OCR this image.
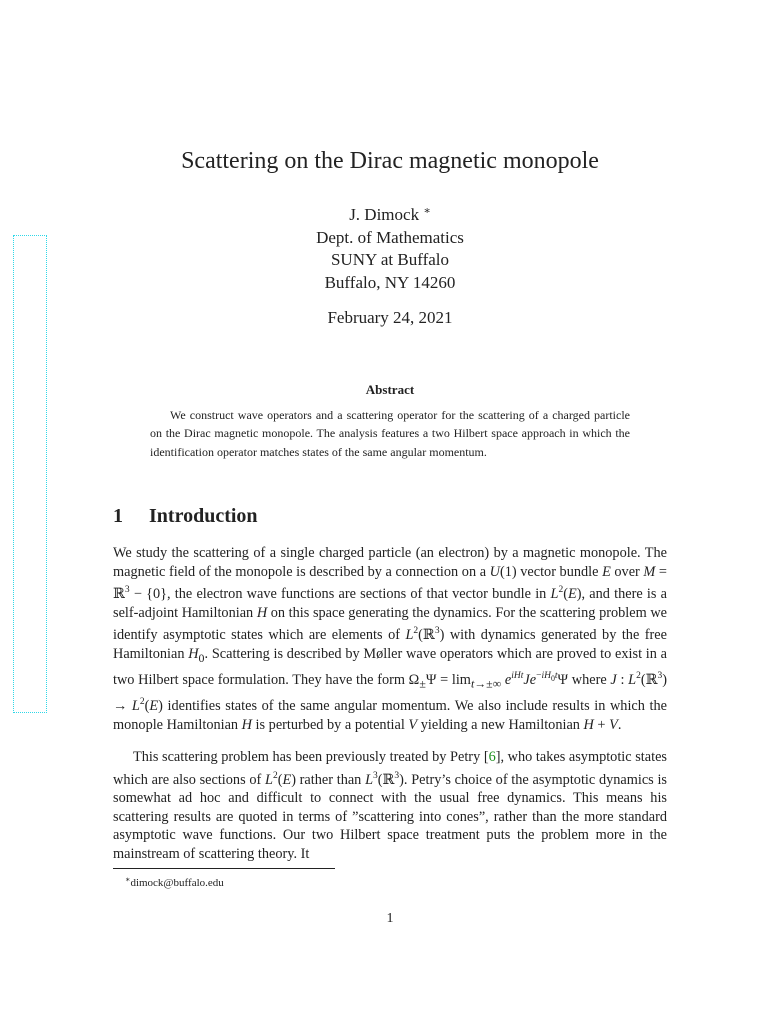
Scattering on the Dirac magnetic monopole
J. Dimock ∗
Dept. of Mathematics
SUNY at Buffalo
Buffalo, NY 14260
February 24, 2021
Abstract
We construct wave operators and a scattering operator for the scattering of a charged particle on the Dirac magnetic monopole. The analysis features a two Hilbert space approach in which the identification operator matches states of the same angular momentum.
1 Introduction
We study the scattering of a single charged particle (an electron) by a magnetic monopole. The magnetic field of the monopole is described by a connection on a U(1) vector bundle E over M = ℝ$^3$ − {0}, the electron wave functions are sections of that vector bundle in $L^2(E)$, and there is a self-adjoint Hamiltonian H on this space generating the dynamics. For the scattering problem we identify asymptotic states which are elements of $L^2(ℝ^3)$ with dynamics generated by the free Hamiltonian $H_0$. Scattering is described by Møller wave operators which are proved to exist in a two Hilbert space formulation. They have the form $\Omega_\pm\Psi = \lim_{t\to\pm\infty} e^{iHt}Je^{-iH_0t}\Psi$ where J : $L^2(ℝ^3) \to L^2(E)$ identifies states of the same angular momentum. We also include results in which the monople Hamiltonian H is perturbed by a potential V yielding a new Hamiltonian H + V.
This scattering problem has been previously treated by Petry [6], who takes asymptotic states which are also sections of $L^2(E)$ rather than $L^3(ℝ^3)$. Petry’s choice of the asymptotic dynamics is somewhat ad hoc and difficult to connect with the usual free dynamics. This means his scattering results are quoted in terms of ”scattering into cones”, rather than the more standard asymptotic wave functions. Our two Hilbert space treatment puts the problem more in the mainstream of scattering theory. It
∗dimock@buffalo.edu
1
